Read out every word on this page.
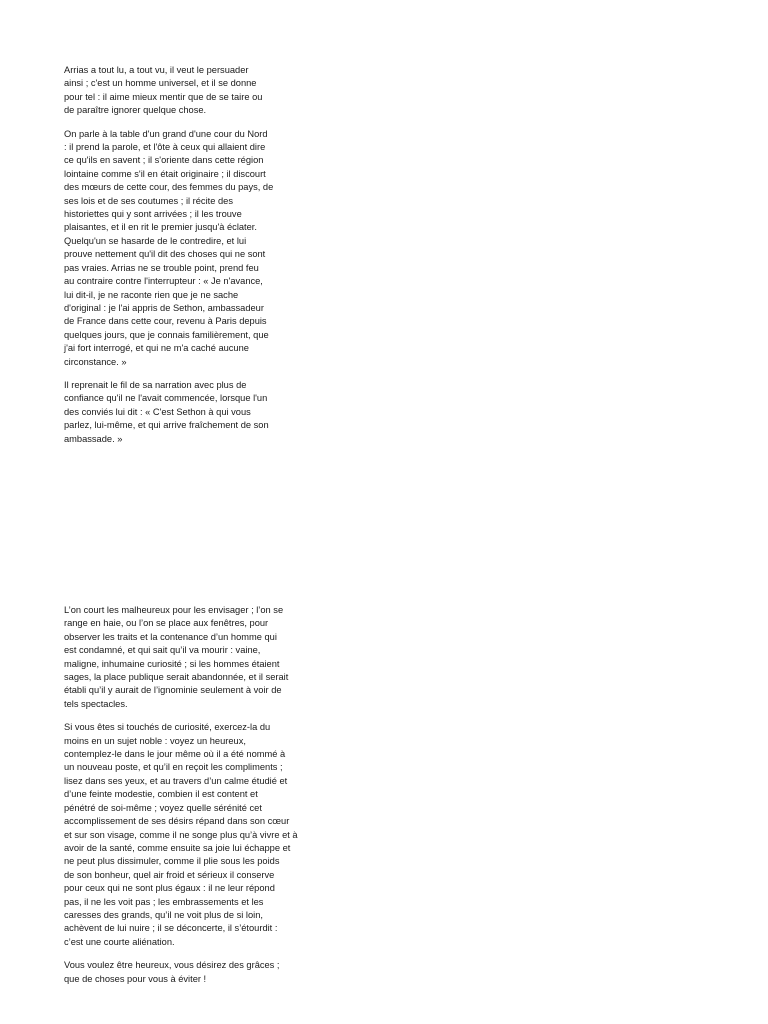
Arrias a tout lu, a tout vu, il veut le persuader
ainsi ; c'est un homme universel, et il se donne
pour tel : il aime mieux mentir que de se taire ou
de paraître ignorer quelque chose.

On parle à la table d'un grand d'une cour du Nord
: il prend la parole, et l'ôte à ceux qui allaient dire
ce qu'ils en savent ; il s'oriente dans cette région
lointaine comme s'il en était originaire ; il discourt
des mœurs de cette cour, des femmes du pays, de
ses lois et de ses coutumes ; il récite des
historiettes qui y sont arrivées ; il les trouve
plaisantes, et il en rit le premier jusqu'à éclater.
Quelqu'un se hasarde de le contredire, et lui
prouve nettement qu'il dit des choses qui ne sont
pas vraies. Arrias ne se trouble point, prend feu
au contraire contre l'interrupteur : « Je n'avance,
lui dit-il, je ne raconte rien que je ne sache
d'original : je l'ai appris de Sethon, ambassadeur
de France dans cette cour, revenu à Paris depuis
quelques jours, que je connais familièrement, que
j'ai fort interrogé, et qui ne m'a caché aucune
circonstance. »

Il reprenait le fil de sa narration avec plus de
confiance qu'il ne l'avait commencée, lorsque l'un
des conviés lui dit : « C'est Sethon à qui vous
parlez, lui-même, et qui arrive fraîchement de son
ambassade. »

L’on court les malheureux pour les envisager ; l’on se
range en haie, ou l’on se place aux fenêtres, pour
observer les traits et la contenance d’un homme qui
est condamné, et qui sait qu’il va mourir : vaine,
maligne, inhumaine curiosité ; si les hommes étaient
sages, la place publique serait abandonnée, et il serait
établi qu’il y aurait de l’ignominie seulement à voir de
tels spectacles.

Si vous êtes si touchés de curiosité, exercez-la du
moins en un sujet noble : voyez un heureux,
contemplez-le dans le jour même où il a été nommé à
un nouveau poste, et qu’il en reçoit les compliments ;
lisez dans ses yeux, et au travers d’un calme étudié et
d’une feinte modestie, combien il est content et
pénétré de soi-même ; voyez quelle sérénité cet
accomplissement de ses désirs répand dans son cœur
et sur son visage, comme il ne songe plus qu’à vivre et à
avoir de la santé, comme ensuite sa joie lui échappe et
ne peut plus dissimuler, comme il plie sous les poids
de son bonheur, quel air froid et sérieux il conserve
pour ceux qui ne sont plus égaux : il ne leur répond
pas, il ne les voit pas ; les embrassements et les
caresses des grands, qu’il ne voit plus de si loin,
achèvent de lui nuire ; il se déconcerte, il s’étourdit :
c’est une courte aliénation.

Vous voulez être heureux, vous désirez des grâces ;
que de choses pour vous à éviter !
